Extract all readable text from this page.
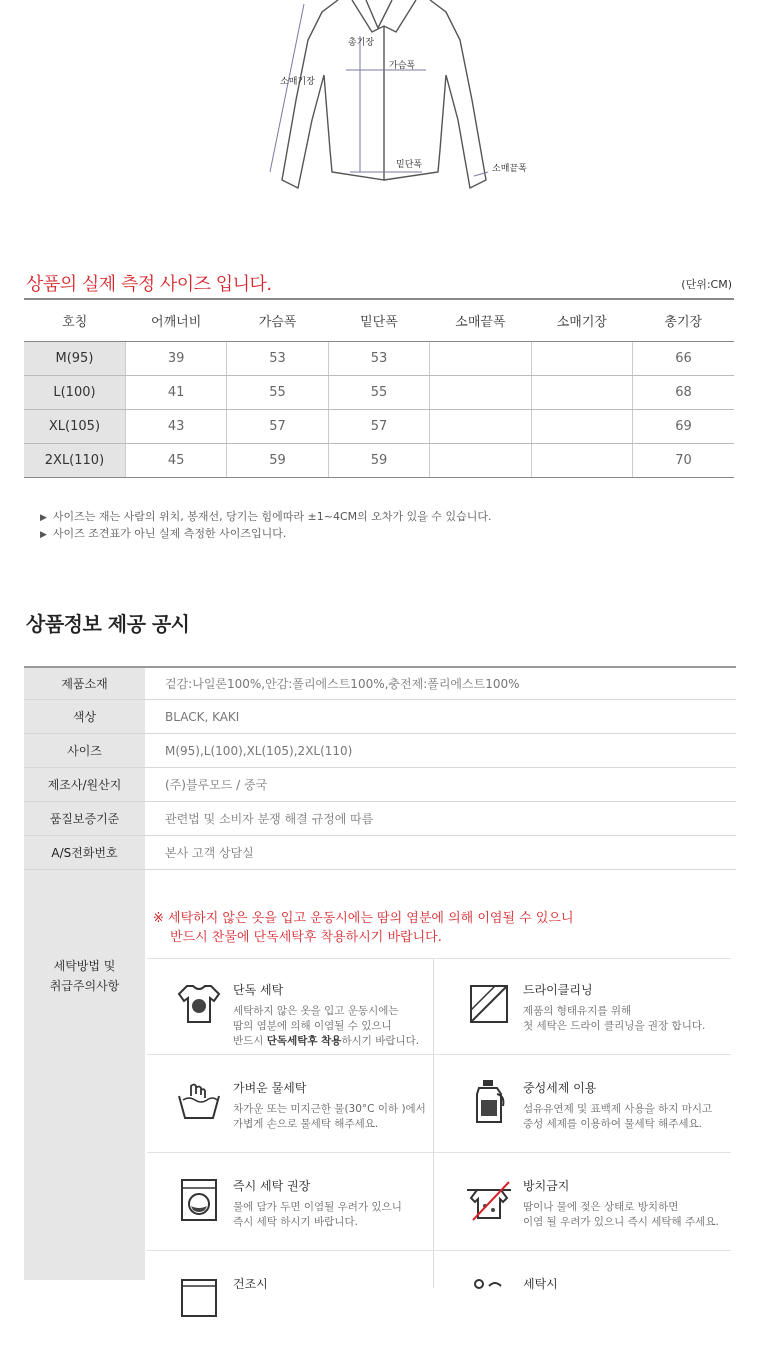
총기장
가슴폭
소매기장
밑단폭	소매끝폭
상품의 실제 측정 사이즈 입니다.	(단위:CM)
호칭	어깨너비	가슴폭	밑단폭	소매끝폭	소매기장	총기장
M(95)	39	53	53			66
L(100)	41	55	55			68
XL(105)	43	57	57			69
2XL(110)	45	59	59			70
▶ 사이즈는 재는 사람의 위치, 봉재선, 당기는 힘에따라 ±1~4CM의 오차가 있을 수 있습니다.
▶ 사이즈 조견표가 아닌 실제 측정한 사이즈입니다.
상품정보 제공 공시
제품소재	겉감:나일론100%,안감:폴리에스트100%,충전제:폴리에스트100%
색상	BLACK, KAKI
사이즈	M(95),L(100),XL(105),2XL(110)
제조사/원산지	(주)블루모드 / 중국
품질보증기준	관련법 및 소비자 분쟁 해결 규정에 따름
A/S전화번호	본사 고객 상담실
세탁방법 및
취급주의사항
※ 세탁하지 않은 옷을 입고 운동시에는 땀의 염분에 의해 이염될 수 있으니
반드시 찬물에 단독세탁후 착용하시기 바랍니다.
단독 세탁
세탁하지 않은 옷을 입고 운동시에는
땀의 염분에 의해 이염될 수 있으니
반드시 단독세탁후 착용하시기 바랍니다.
드라이클리닝
제품의 형태유지를 위해
첫 세탁은 드라이 클리닝을 권장 합니다.
가벼운 물세탁
차가운 또는 미지근한 물(30°C 이하 )에서
가볍게 손으로 물세탁 해주세요.
중성세제 이용
섬유유연제 및 표백제 사용을 하지 마시고
중성 세제를 이용하여 물세탁 해주세요.
즉시 세탁 권장
물에 담가 두면 이염될 우려가 있으니
즉시 세탁 하시기 바랍니다.
방치금지
땀이나 물에 젖은 상태로 방치하면
이염 될 우려가 있으니 즉시 세탁해 주세요.
건조시	세탁시
